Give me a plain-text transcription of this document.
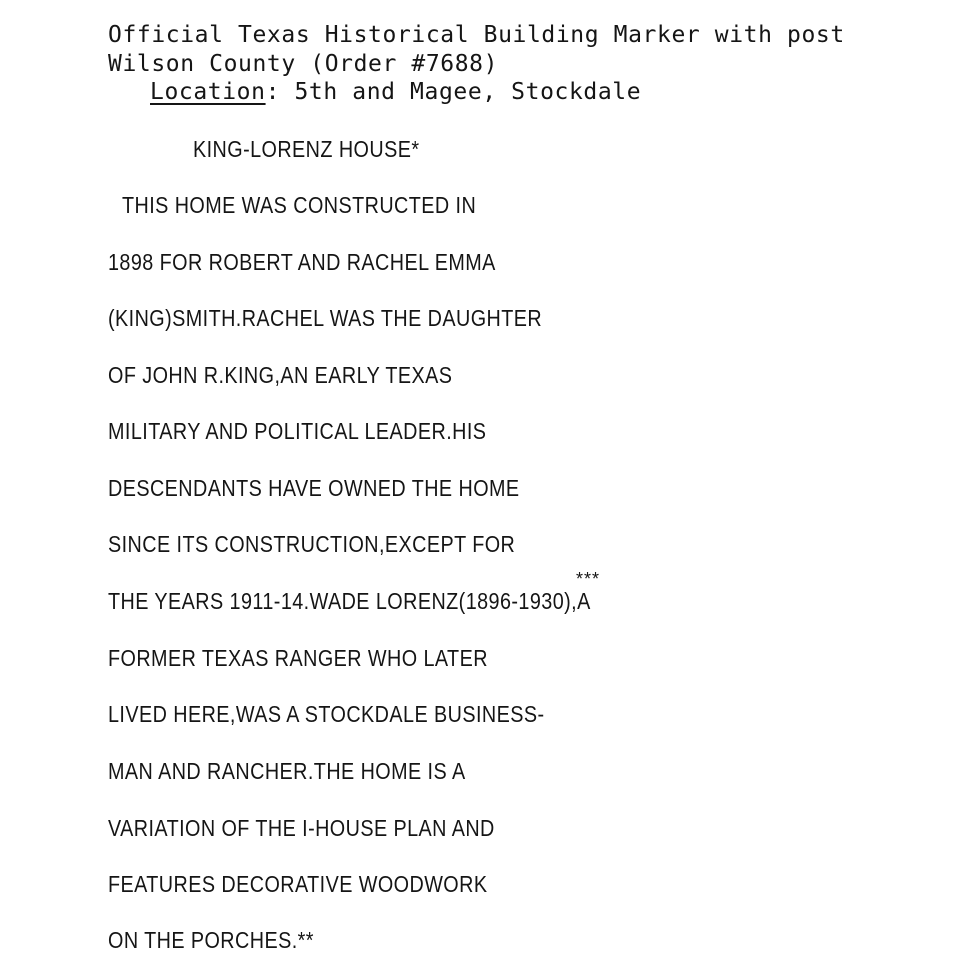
Official Texas Historical Building Marker with post
Wilson County (Order #7688)
Location: 5th and Magee, Stockdale
KING-LORENZ HOUSE*
THIS HOME WAS CONSTRUCTED IN
1898 FOR ROBERT AND RACHEL EMMA
(KING)SMITH.RACHEL WAS THE DAUGHTER
OF JOHN R.KING,AN EARLY TEXAS
MILITARY AND POLITICAL LEADER.HIS
DESCENDANTS HAVE OWNED THE HOME
SINCE ITS CONSTRUCTION,EXCEPT FOR
***
THE YEARS 1911-14.WADE LORENZ(1896-1930),A
FORMER TEXAS RANGER WHO LATER
LIVED HERE,WAS A STOCKDALE BUSINESS-
MAN AND RANCHER.THE HOME IS A
VARIATION OF THE I-HOUSE PLAN AND
FEATURES DECORATIVE WOODWORK
ON THE PORCHES.**
